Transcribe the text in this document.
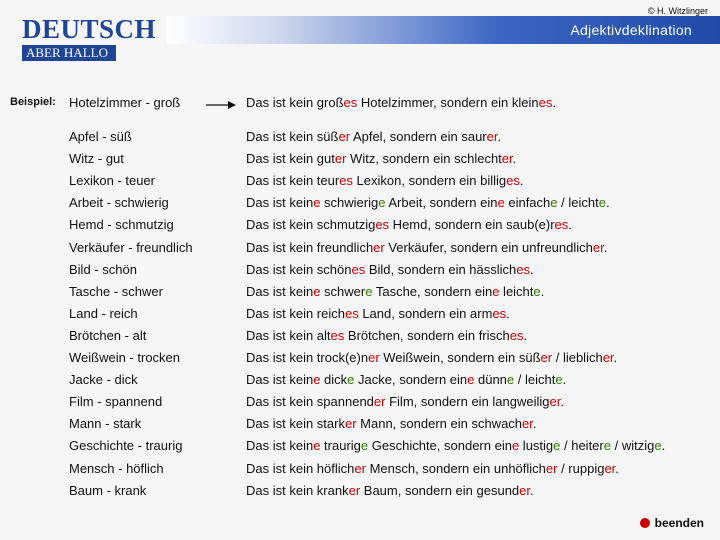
© H. Witzlinger
DEUTSCH
ABER HALLO
Adjektivdeklination
Beispiel: Hotelzimmer - groß	Das ist kein großes Hotelzimmer, sondern ein kleines.
Apfel - süß	Das ist kein süßer Apfel, sondern ein saurer.
Witz - gut	Das ist kein guter Witz, sondern ein schlechter.
Lexikon - teuer	Das ist kein teures Lexikon, sondern ein billiges.
Arbeit - schwierig	Das ist keine schwierige Arbeit, sondern eine einfache / leichte.
Hemd - schmutzig	Das ist kein schmutziges Hemd, sondern ein saub(e)res.
Verkäufer - freundlich	Das ist kein freundlicher Verkäufer, sondern ein unfreundlicher.
Bild - schön	Das ist kein schönes Bild, sondern ein hässliches.
Tasche - schwer	Das ist keine schwere Tasche, sondern eine leichte.
Land - reich	Das ist kein reiches Land, sondern ein armes.
Brötchen - alt	Das ist kein altes Brötchen, sondern ein frisches.
Weißwein - trocken	Das ist kein trock(e)ner Weißwein, sondern ein süßer / lieblicher.
Jacke - dick	Das ist keine dicke Jacke, sondern eine dünne / leichte.
Film - spannend	Das ist kein spannender Film, sondern ein langweiliger.
Mann - stark	Das ist kein starker Mann, sondern ein schwacher.
Geschichte - traurig	Das ist keine traurige Geschichte, sondern eine lustige / heitere / witzige.
Mensch - höflich	Das ist kein höflicher Mensch, sondern ein unhöflicher / ruppiger.
Baum - krank	Das ist kein kranker Baum, sondern ein gesunder.
beenden
